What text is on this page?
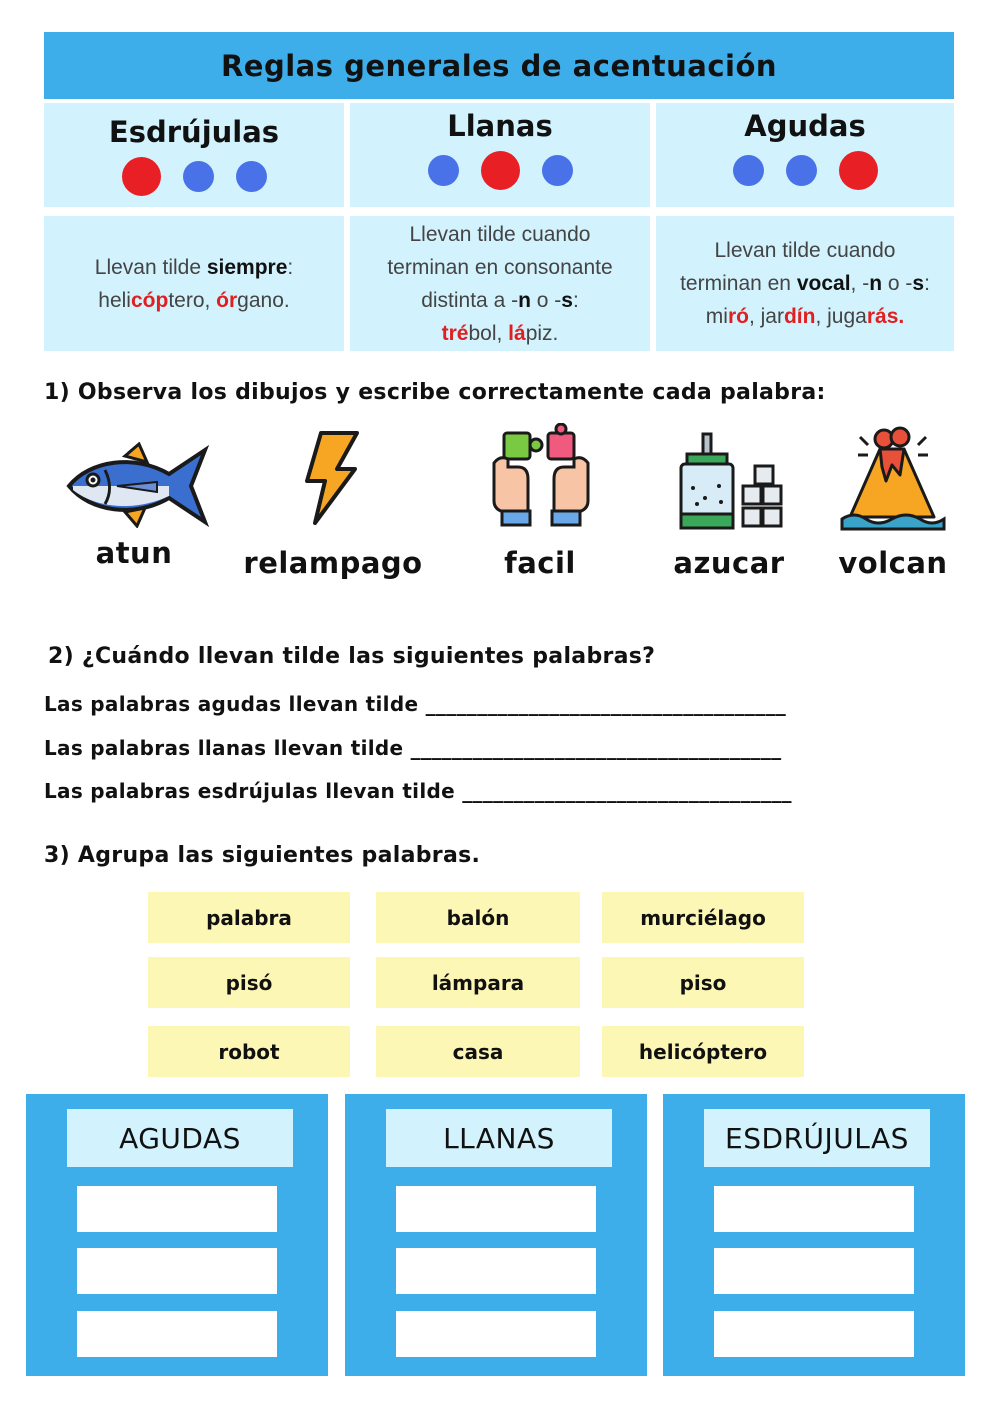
Reglas generales de acentuación
Esdrújulas	Llanas	Agudas
Llevan tilde siempre:
helicóptero, órgano.
Llevan tilde cuando
terminan en consonante
distinta a -n o -s:
trébol, lápiz.
Llevan tilde cuando
terminan en vocal, -n o -s:
miró, jardín, jugarás.
1) Observa los dibujos y escribe correctamente cada palabra:
atun	relampago	facil	azucar	volcan
2) ¿Cuándo llevan tilde las siguientes palabras?
Las palabras agudas llevan tilde ___________________________________
Las palabras llanas llevan tilde ____________________________________
Las palabras esdrújulas llevan tilde ________________________________
3) Agrupa las siguientes palabras.
palabra	balón	murciélago
pisó	lámpara	piso
robot	casa	helicóptero
AGUDAS	LLANAS	ESDRÚJULAS
